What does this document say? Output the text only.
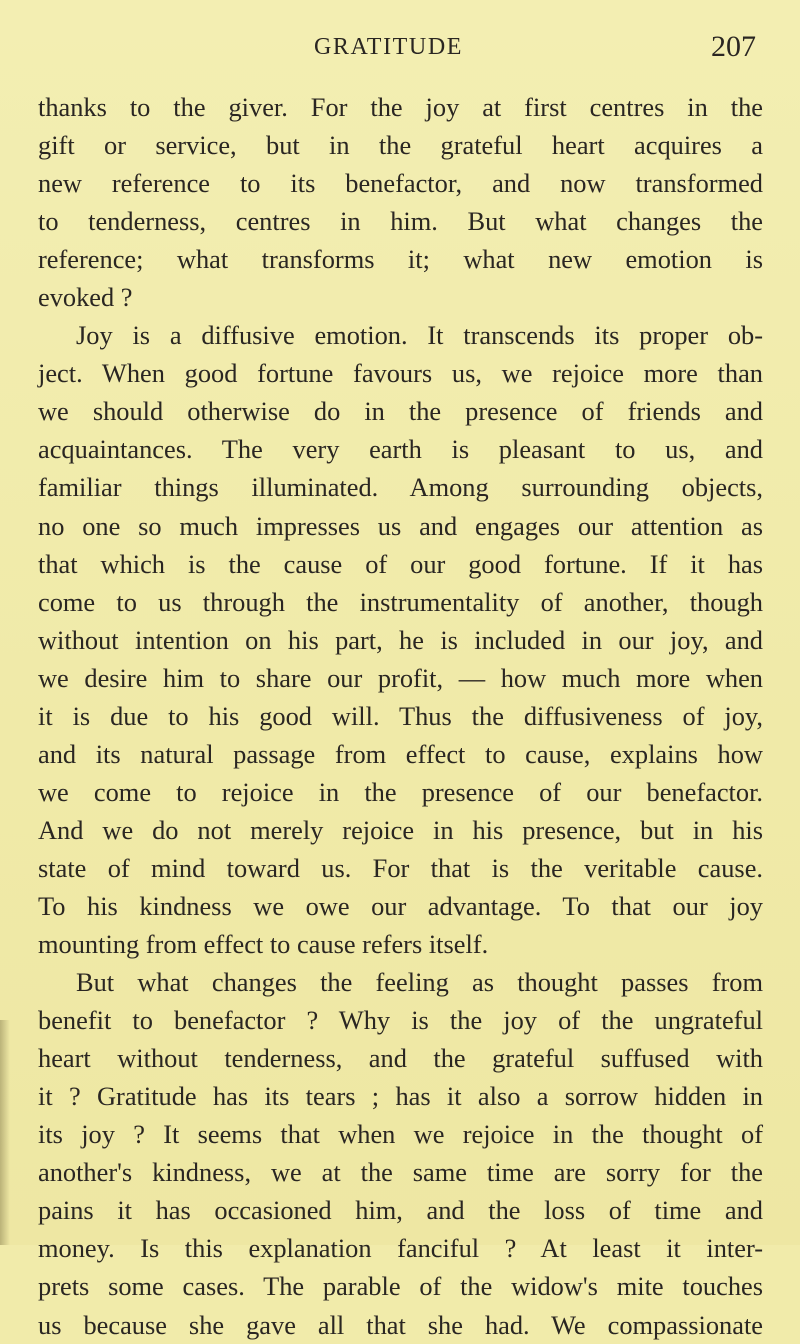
GRATITUDE	207
thanks to the giver. For the joy at first centres in the
gift or service, but in the grateful heart acquires a
new reference to its benefactor, and now transformed
to tenderness, centres in him. But what changes the
reference; what transforms it; what new emotion is
evoked ?
Joy is a diffusive emotion. It transcends its proper ob-
ject. When good fortune favours us, we rejoice more than
we should otherwise do in the presence of friends and
acquaintances. The very earth is pleasant to us, and
familiar things illuminated. Among surrounding objects,
no one so much impresses us and engages our attention as
that which is the cause of our good fortune. If it has
come to us through the instrumentality of another, though
without intention on his part, he is included in our joy, and
we desire him to share our profit, — how much more when
it is due to his good will. Thus the diffusiveness of joy,
and its natural passage from effect to cause, explains how
we come to rejoice in the presence of our benefactor.
And we do not merely rejoice in his presence, but in his
state of mind toward us. For that is the veritable cause.
To his kindness we owe our advantage. To that our joy
mounting from effect to cause refers itself.
But what changes the feeling as thought passes from
benefit to benefactor ? Why is the joy of the ungrateful
heart without tenderness, and the grateful suffused with
it ? Gratitude has its tears ; has it also a sorrow hidden in
its joy ? It seems that when we rejoice in the thought of
another's kindness, we at the same time are sorry for the
pains it has occasioned him, and the loss of time and
money. Is this explanation fanciful ? At least it inter-
prets some cases. The parable of the widow's mite touches
us because she gave all that she had. We compassionate
